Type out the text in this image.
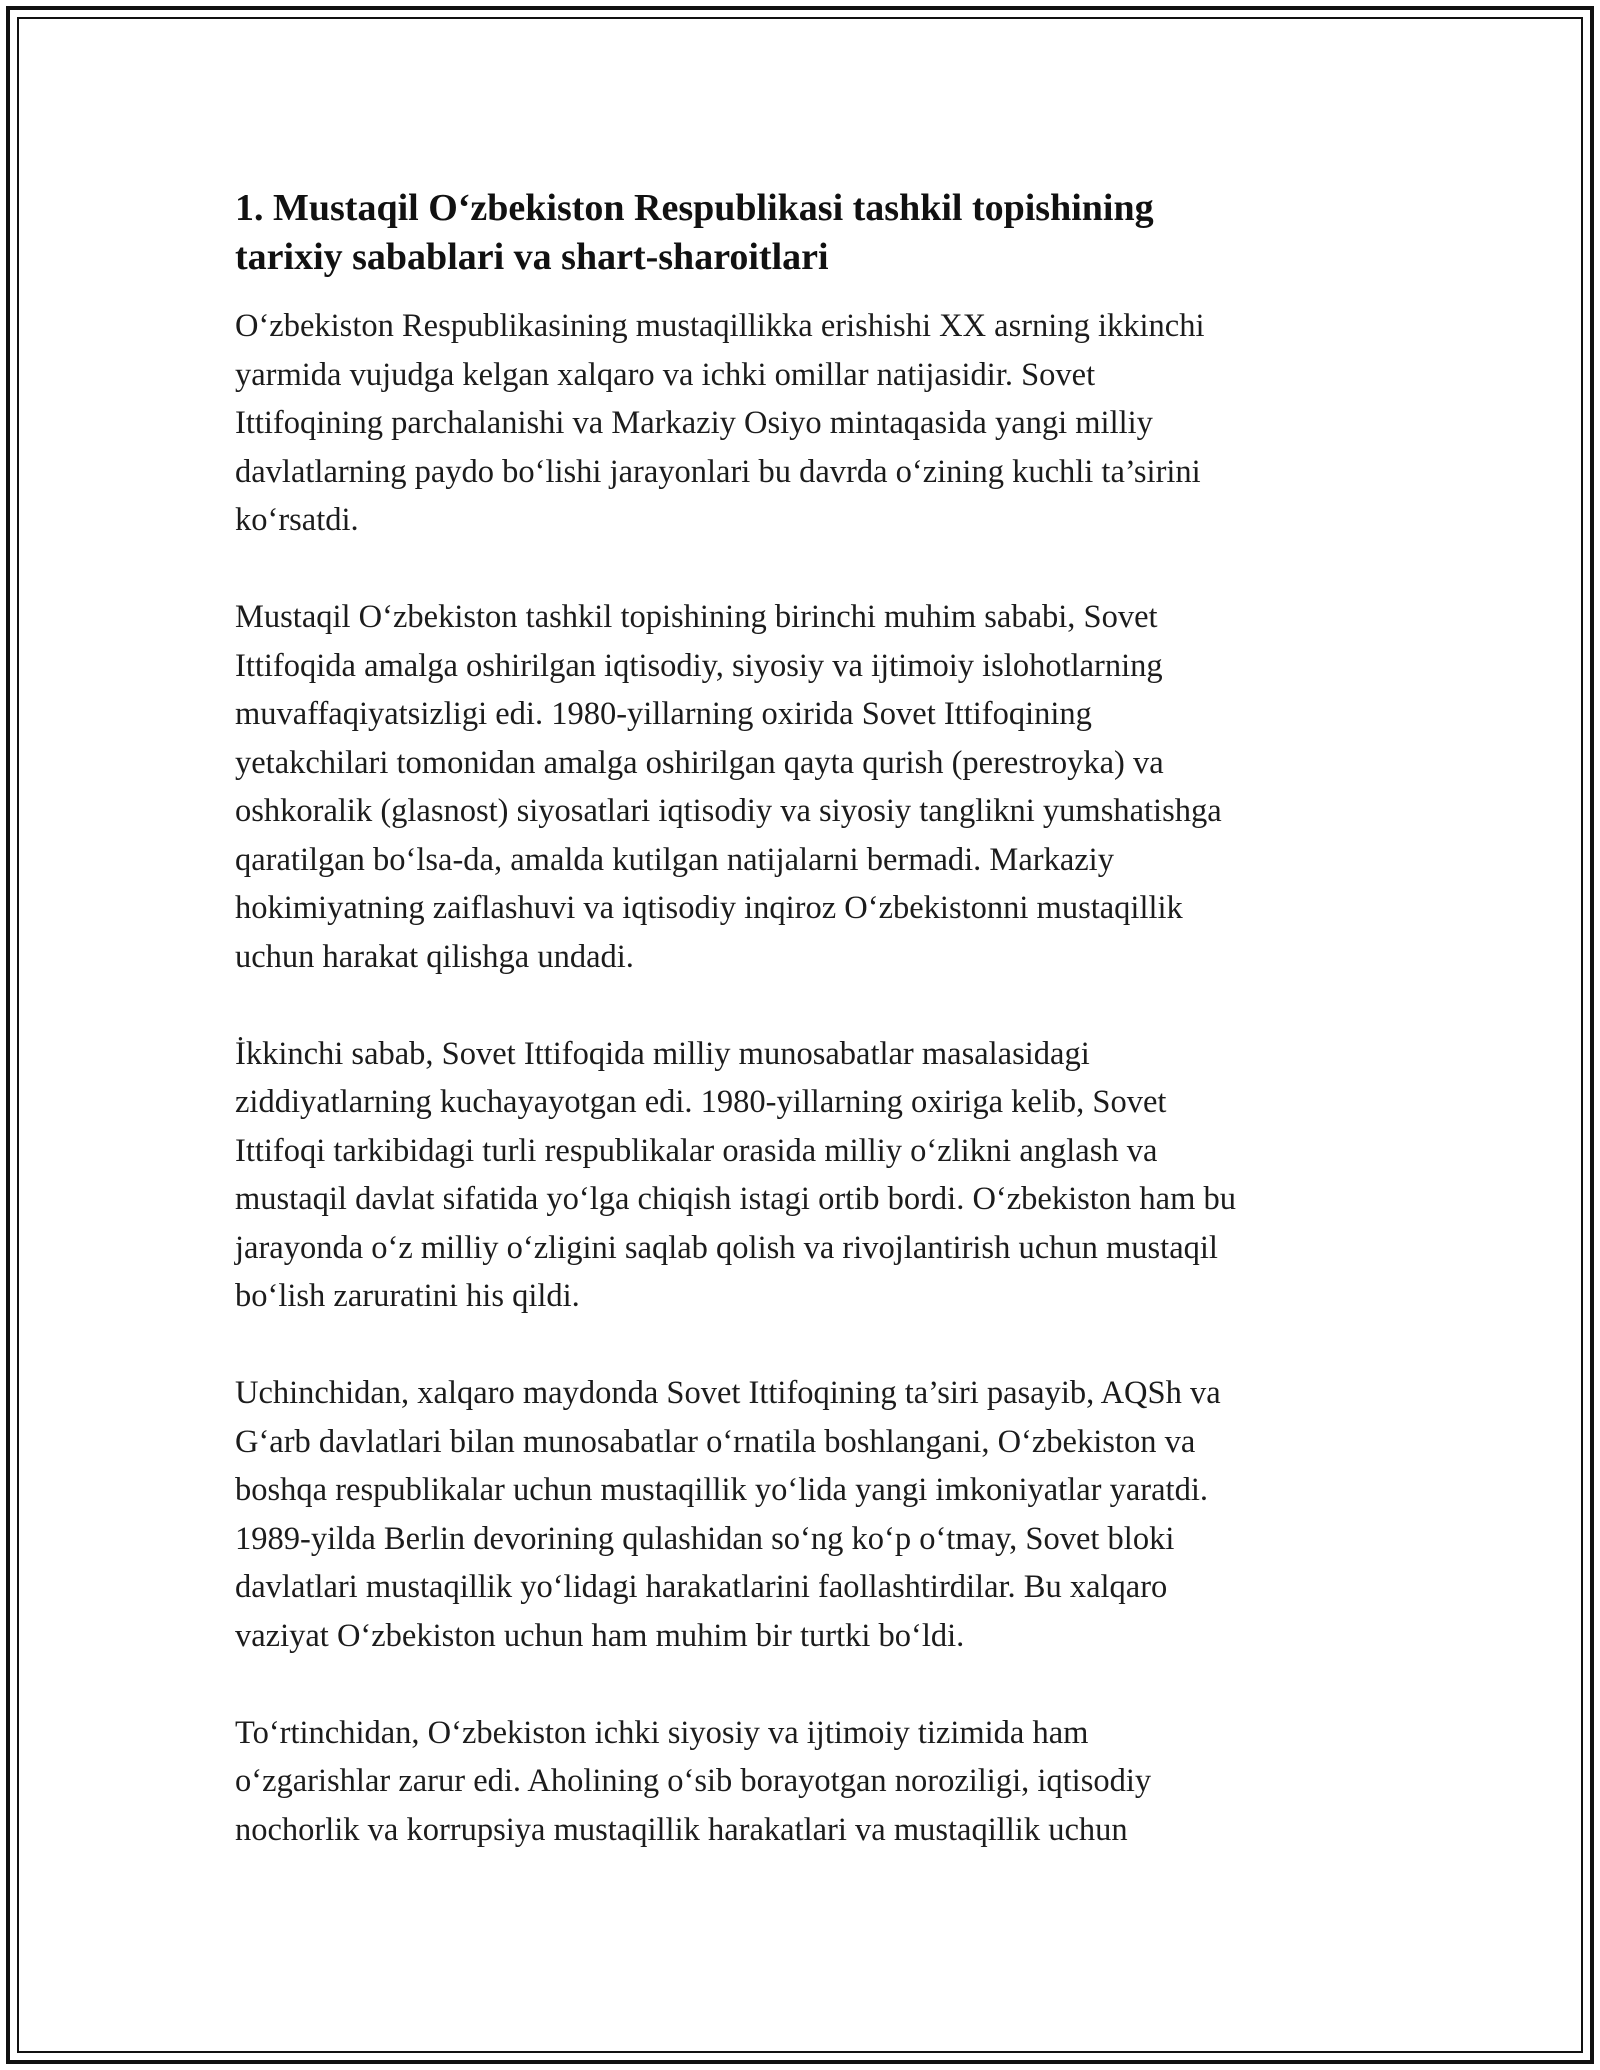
1. Mustaqil O‘zbekiston Respublikasi tashkil topishining
tarixiy sabablari va shart-sharoitlari

O‘zbekiston Respublikasining mustaqillikka erishishi XX asrning ikkinchi
yarmida vujudga kelgan xalqaro va ichki omillar natijasidir. Sovet
Ittifoqining parchalanishi va Markaziy Osiyo mintaqasida yangi milliy
davlatlarning paydo bo‘lishi jarayonlari bu davrda o‘zining kuchli ta’sirini
ko‘rsatdi.

Mustaqil O‘zbekiston tashkil topishining birinchi muhim sababi, Sovet
Ittifoqida amalga oshirilgan iqtisodiy, siyosiy va ijtimoiy islohotlarning
muvaffaqiyatsizligi edi. 1980-yillarning oxirida Sovet Ittifoqining
yetakchilari tomonidan amalga oshirilgan qayta qurish (perestroyka) va
oshkoralik (glasnost) siyosatlari iqtisodiy va siyosiy tanglikni yumshatishga
qaratilgan bo‘lsa-da, amalda kutilgan natijalarni bermadi. Markaziy
hokimiyatning zaiflashuvi va iqtisodiy inqiroz O‘zbekistonni mustaqillik
uchun harakat qilishga undadi.

İkkinchi sabab, Sovet Ittifoqida milliy munosabatlar masalasidagi
ziddiyatlarning kuchayayotgan edi. 1980-yillarning oxiriga kelib, Sovet
Ittifoqi tarkibidagi turli respublikalar orasida milliy o‘zlikni anglash va
mustaqil davlat sifatida yo‘lga chiqish istagi ortib bordi. O‘zbekiston ham bu
jarayonda o‘z milliy o‘zligini saqlab qolish va rivojlantirish uchun mustaqil
bo‘lish zaruratini his qildi.

Uchinchidan, xalqaro maydonda Sovet Ittifoqining ta’siri pasayib, AQSh va
G‘arb davlatlari bilan munosabatlar o‘rnatila boshlangani, O‘zbekiston va
boshqa respublikalar uchun mustaqillik yo‘lida yangi imkoniyatlar yaratdi.
1989-yilda Berlin devorining qulashidan so‘ng ko‘p o‘tmay, Sovet bloki
davlatlari mustaqillik yo‘lidagi harakatlarini faollashtirdilar. Bu xalqaro
vaziyat O‘zbekiston uchun ham muhim bir turtki bo‘ldi.

To‘rtinchidan, O‘zbekiston ichki siyosiy va ijtimoiy tizimida ham
o‘zgarishlar zarur edi. Aholining o‘sib borayotgan noroziligi, iqtisodiy
nochorlik va korrupsiya mustaqillik harakatlari va mustaqillik uchun
